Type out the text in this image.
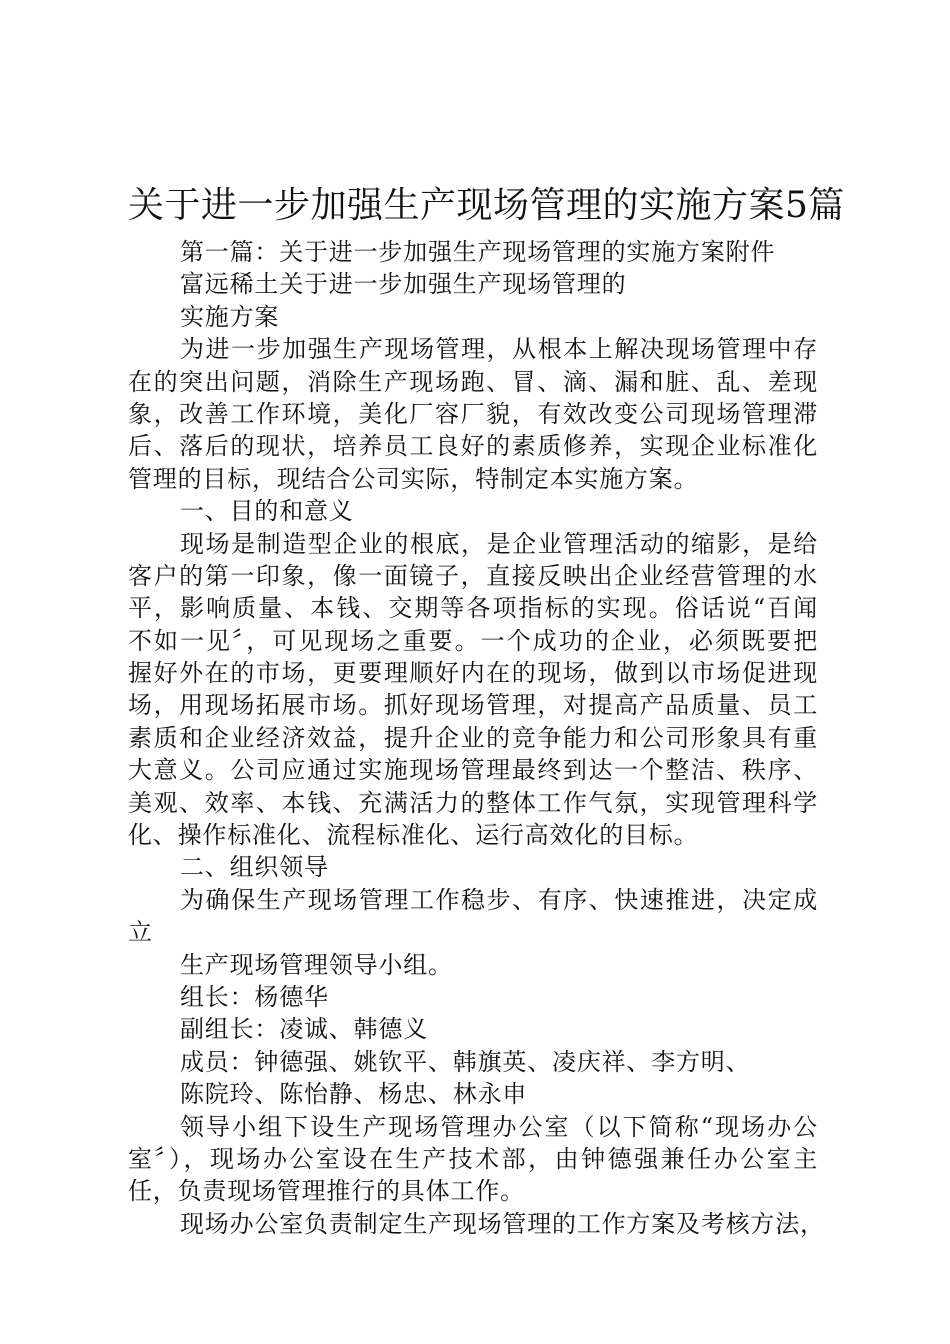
关于进一步加强生产现场管理的实施方案5篇

第一篇：关于进一步加强生产现场管理的实施方案附件

富远稀土关于进一步加强生产现场管理的

实施方案

为进一步加强生产现场管理，从根本上解决现场管理中存

在的突出问题，消除生产现场跑、冒、滴、漏和脏、乱、差现

象，改善工作环境，美化厂容厂貌，有效改变公司现场管理滞

后、落后的现状，培养员工良好的素质修养，实现企业标准化

管理的目标，现结合公司实际，特制定本实施方案。

一、目的和意义

现场是制造型企业的根底，是企业管理活动的缩影，是给

客户的第一印象，像一面镜子，直接反映出企业经营管理的水

平，影响质量、本钱、交期等各项指标的实现。俗话说“百闻

不如一见〞，可见现场之重要。一个成功的企业，必须既要把

握好外在的市场，更要理顺好内在的现场，做到以市场促进现

场，用现场拓展市场。抓好现场管理，对提高产品质量、员工

素质和企业经济效益，提升企业的竞争能力和公司形象具有重

大意义。公司应通过实施现场管理最终到达一个整洁、秩序、

美观、效率、本钱、充满活力的整体工作气氛，实现管理科学

化、操作标准化、流程标准化、运行高效化的目标。

二、组织领导

为确保生产现场管理工作稳步、有序、快速推进，决定成

立

生产现场管理领导小组。

组长：杨德华

副组长：凌诚、韩德义

成员：钟德强、姚钦平、韩旗英、凌庆祥、李方明、

陈院玲、陈怡静、杨忠、林永申

领导小组下设生产现场管理办公室（以下简称“现场办公

室〞），现场办公室设在生产技术部，由钟德强兼任办公室主

任，负责现场管理推行的具体工作。

现场办公室负责制定生产现场管理的工作方案及考核方法，
